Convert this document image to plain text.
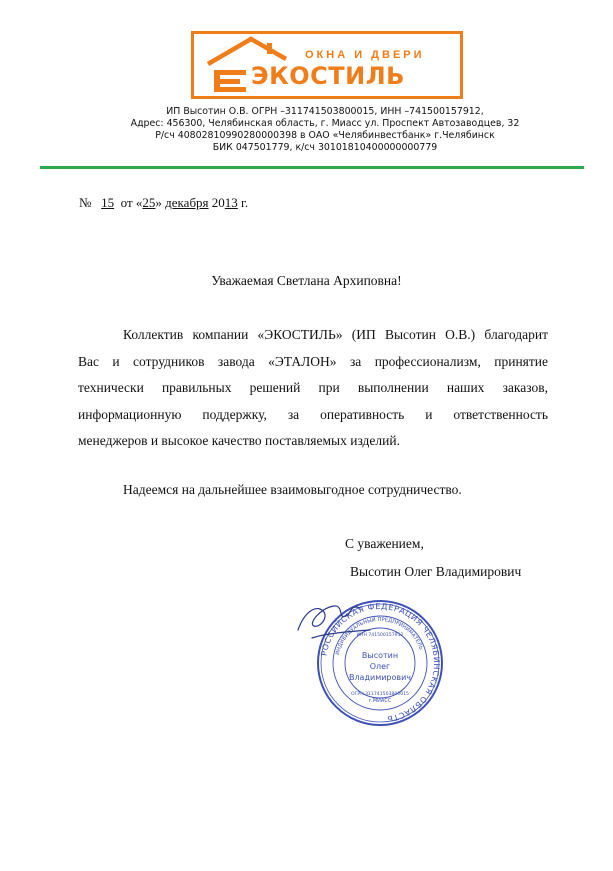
ОКНА И ДВЕРИ
ЭКОСТИЛЬ
ИП Высотин О.В. ОГРН –311741503800015, ИНН –741500157912,
Адрес: 456300, Челябинская область, г. Миасс ул. Проспект Автозаводцев, 32
Р/сч 40802810990280000398 в ОАО «Челябинвестбанк» г.Челябинск
БИК 047501779, к/сч 30101810400000000779
№ 15 от «25» декабря 2013 г.
Уважаемая Светлана Архиповна!
Коллектив компании «ЭКОСТИЛЬ» (ИП Высотин О.В.) благодарит
Вас и сотрудников завода «ЭТАЛОН» за профессионализм, принятие
технически правильных решений при выполнении наших заказов,
информационную поддержку, за оперативность и ответственность
менеджеров и высокое качество поставляемых изделий.
Надеемся на дальнейшее взаимовыгодное сотрудничество.
С уважением,
Высотин Олег Владимирович
РОССИЙСКАЯ ФЕДЕРАЦИЯ ЧЕЛЯБИНСКАЯ ОБЛАСТЬ
ИНДИВИДУАЛЬНЫЙ ПРЕДПРИНИМАТЕЛЬ
ИНН 741500157912
ОГРН 311741503800015
г.МИАСС
Высотин
Олег
Владимирович
